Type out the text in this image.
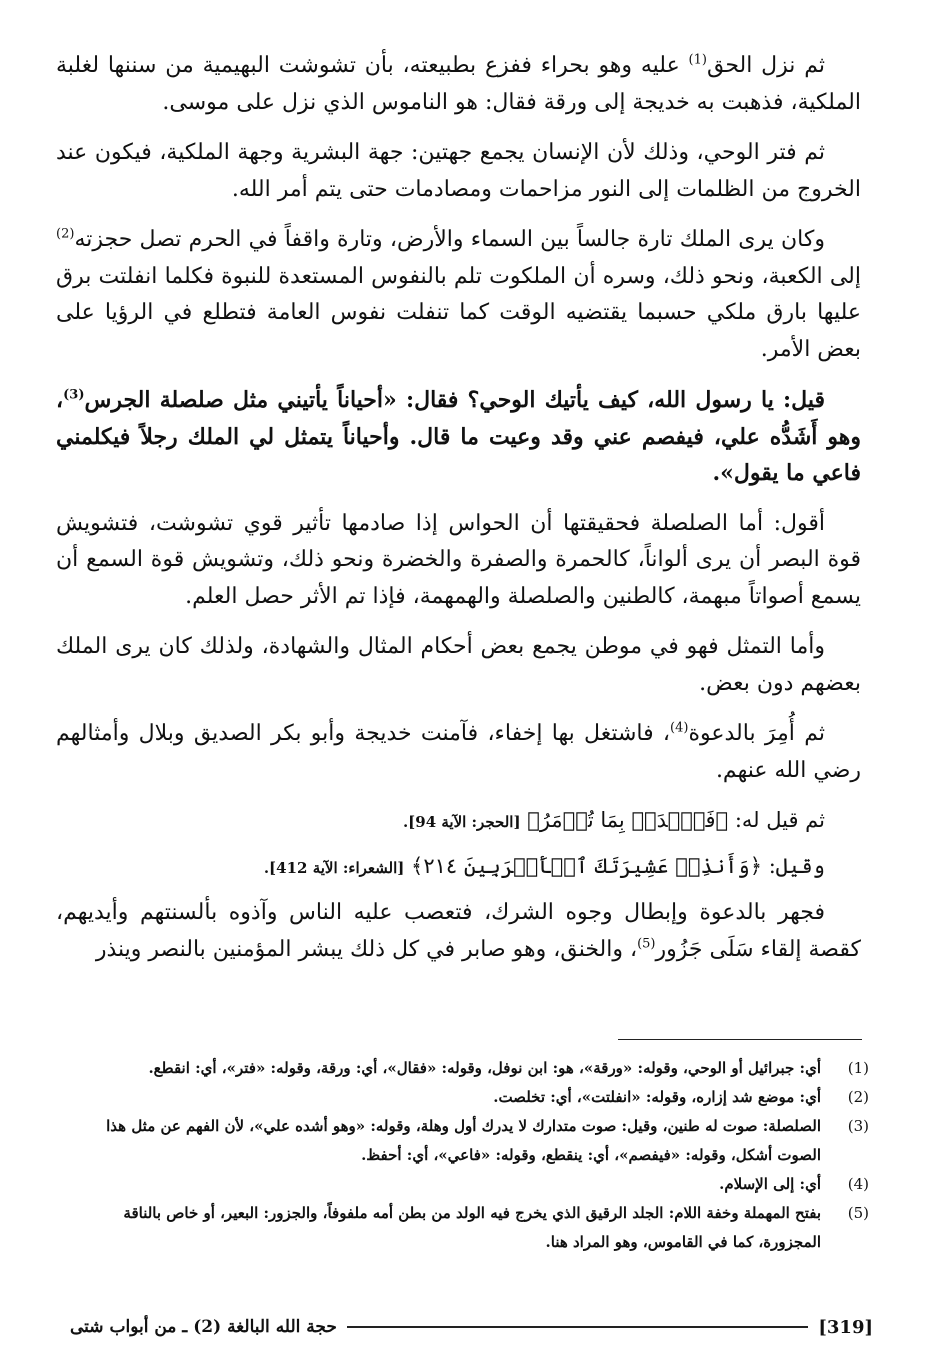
ثم نزل الحق$^{(1)}$ عليه وهو بحراء ففزع بطبيعته، بأن تشوشت البهيمية من سننها لغلبة الملكية، فذهبت به خديجة إلى ورقة فقال: هو الناموس الذي نزل على موسى.

ثم فتر الوحي، وذلك لأن الإنسان يجمع جهتين: جهة البشرية وجهة الملكية، فيكون عند الخروج من الظلمات إلى النور مزاحمات ومصادمات حتى يتم أمر الله.

وكان يرى الملك تارة جالساً بين السماء والأرض، وتارة واقفاً في الحرم تصل حجزته$^{(2)}$ إلى الكعبة، ونحو ذلك، وسره أن الملكوت تلم بالنفوس المستعدة للنبوة فكلما انفلتت برق عليها بارق ملكي حسبما يقتضيه الوقت كما تنفلت نفوس العامة فتطلع في الرؤيا على بعض الأمر.

قيل: يا رسول الله، كيف يأتيك الوحي؟ فقال: «أحياناً يأتيني مثل صلصلة الجرس$^{(3)}$، وهو أَشَدُّه علي، فيفصم عني وقد وعيت ما قال. وأحياناً يتمثل لي الملك رجلاً فيكلمني فاعي ما يقول».

أقول: أما الصلصلة فحقيقتها أن الحواس إذا صادمها تأثير قوي تشوشت، فتشويش قوة البصر أن يرى ألواناً، كالحمرة والصفرة والخضرة ونحو ذلك، وتشويش قوة السمع أن يسمع أصواتاً مبهمة، كالطنين والصلصلة والهمهمة، فإذا تم الأثر حصل العلم.

وأما التمثل فهو في موطن يجمع بعض أحكام المثال والشهادة، ولذلك كان يرى الملك بعضهم دون بعض.

ثم أُمِرَ بالدعوة$^{(4)}$، فاشتغل بها إخفاء، فآمنت خديجة وأبو بكر الصديق وبلال وأمثالهم رضي الله عنهم.

ثم قيل له: ﴿فَٱصۡدَعۡ بِمَا تُؤۡمَرُ﴾ [الحجر: الآية 94].

وقيل: ﴿وَأَنذِرۡ عَشِيرَتَكَ ٱلۡأَقۡرَبِينَ ٢١٤﴾ [الشعراء: الآية 412].

فجهر بالدعوة وإبطال وجوه الشرك، فتعصب عليه الناس وآذوه بألسنتهم وأيديهم، كقصة إلقاء سَلَى جَزُور$^{(5)}$، والخنق، وهو صابر في كل ذلك يبشر المؤمنين بالنصر وينذر

(1)
أي: جبرائيل أو الوحي، وقوله: «ورقة»، هو: ابن نوفل، وقوله: «فقال»، أي: ورقة، وقوله: «فتر»، أي: انقطع.

(2)
أي: موضع شد إزاره، وقوله: «انفلتت»، أي: تخلصت.

(3)
الصلصلة: صوت له طنين، وقيل: صوت متدارك لا يدرك أول وهلة، وقوله: «وهو أشده علي»، لأن الفهم عن مثل هذا الصوت أشكل، وقوله: «فيفصم»، أي: ينقطع، وقوله: «فاعي»، أي: أحفظ.

(4)
أي: إلى الإسلام.

(5)
بفتح المهملة وخفة اللام: الجلد الرقيق الذي يخرج فيه الولد من بطن أمه ملفوفاً، والجزور: البعير، أو خاص بالناقة المجزورة، كما في القاموس، وهو المراد هنا.

[319]
حجة الله البالغة (2) ـ من أبواب شتى
